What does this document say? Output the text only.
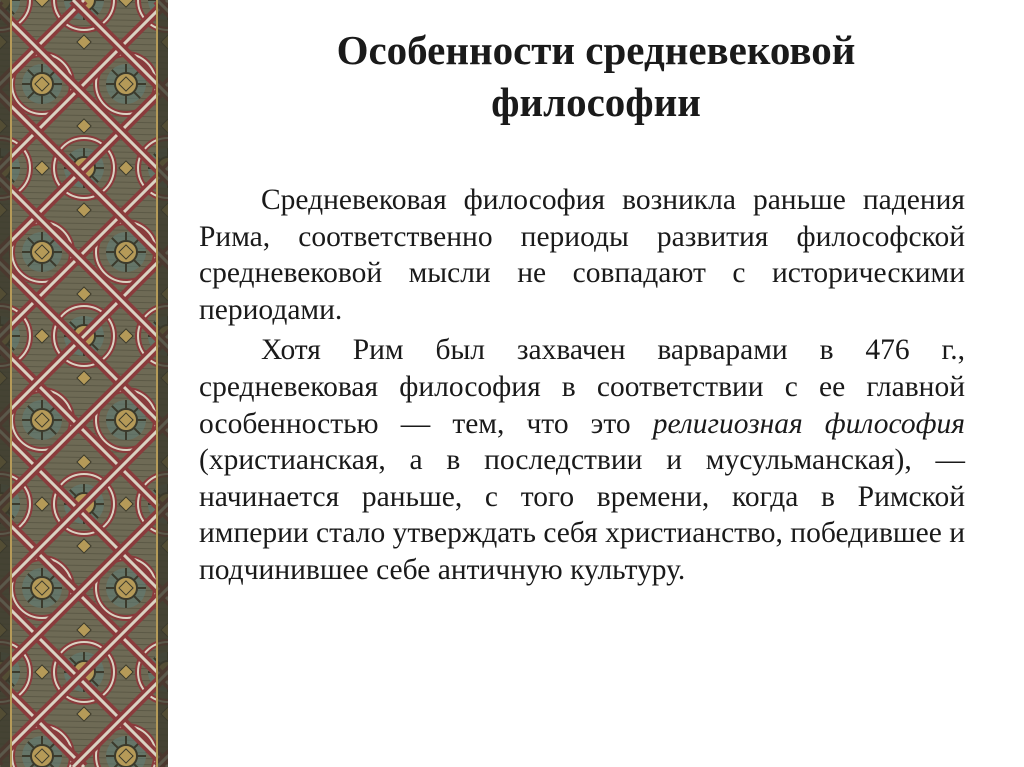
Особенности средневековой
философии

Средневековая философия возникла раньше падения Рима, соответственно периоды развития философской средневековой мысли не совпадают с историческими периодами.

Хотя Рим был захвачен варварами в 476 г., средневековая философия в соответствии с ее главной особенностью — тем, что это религиозная философия (христианская, а в последствии и мусульманская), — начинается раньше, с того времени, когда в Римской империи стало утверждать себя христианство, победившее и подчинившее себе античную культуру.
